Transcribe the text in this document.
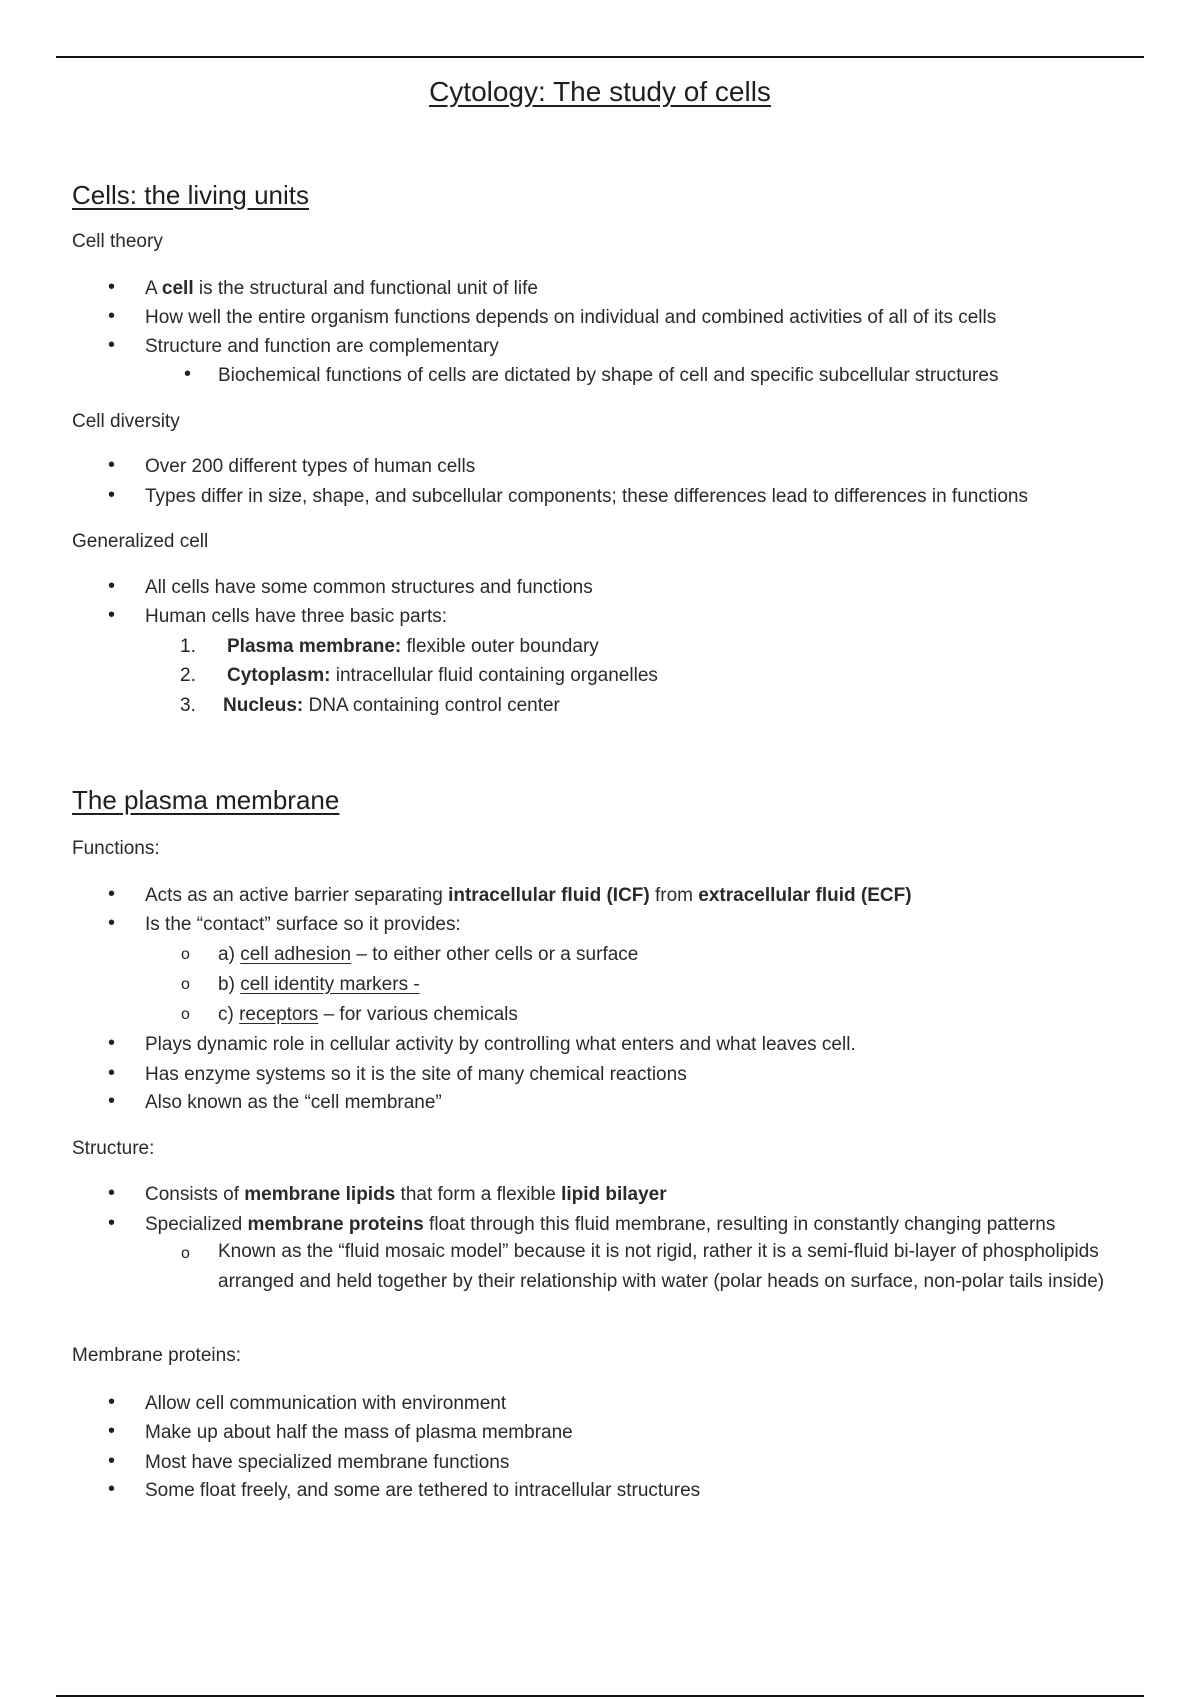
Cytology: The study of cells
Cells: the living units
Cell theory
• A cell is the structural and functional unit of life
• How well the entire organism functions depends on individual and combined activities of all of its cells
• Structure and function are complementary
• Biochemical functions of cells are dictated by shape of cell and specific subcellular structures
Cell diversity
• Over 200 different types of human cells
• Types differ in size, shape, and subcellular components; these differences lead to differences in functions
Generalized cell
• All cells have some common structures and functions
• Human cells have three basic parts:
1. Plasma membrane: flexible outer boundary
2. Cytoplasm: intracellular fluid containing organelles
3. Nucleus: DNA containing control center
The plasma membrane
Functions:
• Acts as an active barrier separating intracellular fluid (ICF) from extracellular fluid (ECF)
• Is the “contact” surface so it provides:
o a) cell adhesion – to either other cells or a surface
o b) cell identity markers -
o c) receptors – for various chemicals
• Plays dynamic role in cellular activity by controlling what enters and what leaves cell.
• Has enzyme systems so it is the site of many chemical reactions
• Also known as the “cell membrane”
Structure:
• Consists of membrane lipids that form a flexible lipid bilayer
• Specialized membrane proteins float through this fluid membrane, resulting in constantly changing patterns
o Known as the “fluid mosaic model” because it is not rigid, rather it is a semi-fluid bi-layer of phospholipids arranged and held together by their relationship with water (polar heads on surface, non-polar tails inside)
Membrane proteins:
• Allow cell communication with environment
• Make up about half the mass of plasma membrane
• Most have specialized membrane functions
• Some float freely, and some are tethered to intracellular structures
